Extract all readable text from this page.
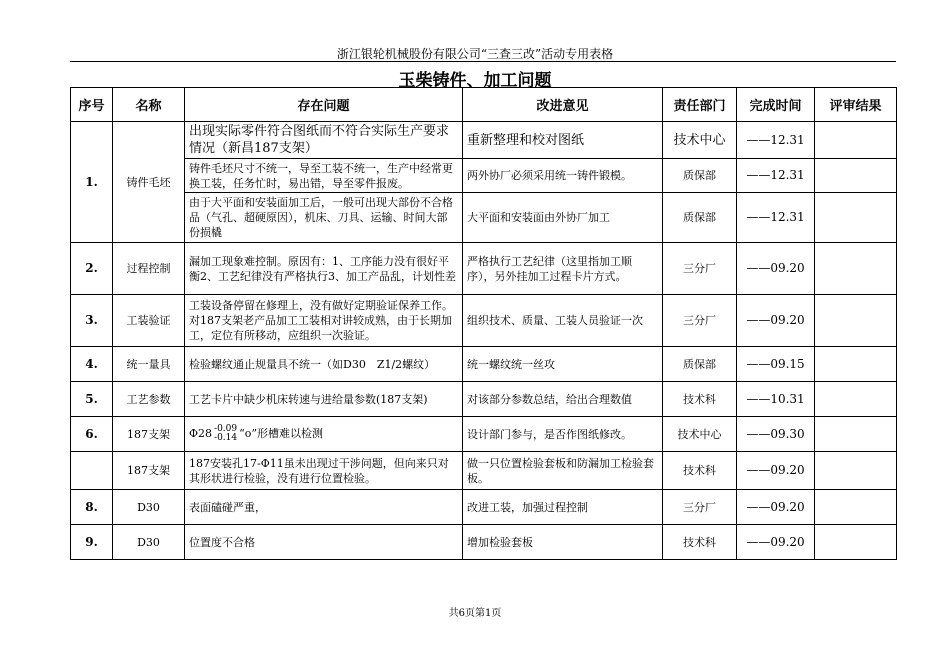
浙江银轮机械股份有限公司“三查三改”活动专用表格
玉柴铸件、加工问题
序号	名称	存在问题	改进意见	责任部门	完成时间	评审结果
1.	铸件毛坯	出现实际零件符合图纸而不符合实际生产要求情况（新昌187支架）	重新整理和校对图纸	技术中心	——12.31	
		铸件毛坯尺寸不统一，导至工装不统一，生产中经常更换工装，任务忙时，易出错，导至零件报废。	两外协厂必须采用统一铸件锻模。	质保部	——12.31	
		由于大平面和安装面加工后，一般可出现大部份不合格品（气孔、超硬原因），机床、刀具、运输、时间大部份损橇	大平面和安装面由外协厂加工	质保部	——12.31	
2.	过程控制	漏加工现象难控制。原因有：1、工序能力没有很好平衡2、工艺纪律没有严格执行3、加工产品乱，计划性差	严格执行工艺纪律（这里指加工顺序），另外挂加工过程卡片方式。	三分厂	——09.20	
3.	工装验证	工装设备停留在修理上，没有做好定期验证保养工作。对187支架老产品加工工装相对讲较成熟，由于长期加工，定位有所移动，应组织一次验证。	组织技术、质量、工装人员验证一次	三分厂	——09.20	
4.	统一量具	检验螺纹通止规量具不统一（如D30　Z1/2螺纹）	统一螺纹统一丝攻	质保部	——09.15	
5.	工艺参数	工艺卡片中缺少机床转速与进给量参数(187支架)	对该部分参数总结，给出合理数值	技术科	——10.31	
6.	187支架	Φ28 -0.09
-0.14 “o”形槽难以检测	设计部门参与，是否作图纸修改。	技术中心	——09.30	
	187支架	187安装孔17-Φ11虽未出现过干涉问题，但向来只对其形状进行检验，没有进行位置检验。	做一只位置检验套板和防漏加工检验套板。	技术科	——09.20	
8.	D30	表面磕碰严重，	改进工装，加强过程控制	三分厂	——09.20	
9.	D30	位置度不合格	增加检验套板	技术科	——09.20	
共6页第1页
